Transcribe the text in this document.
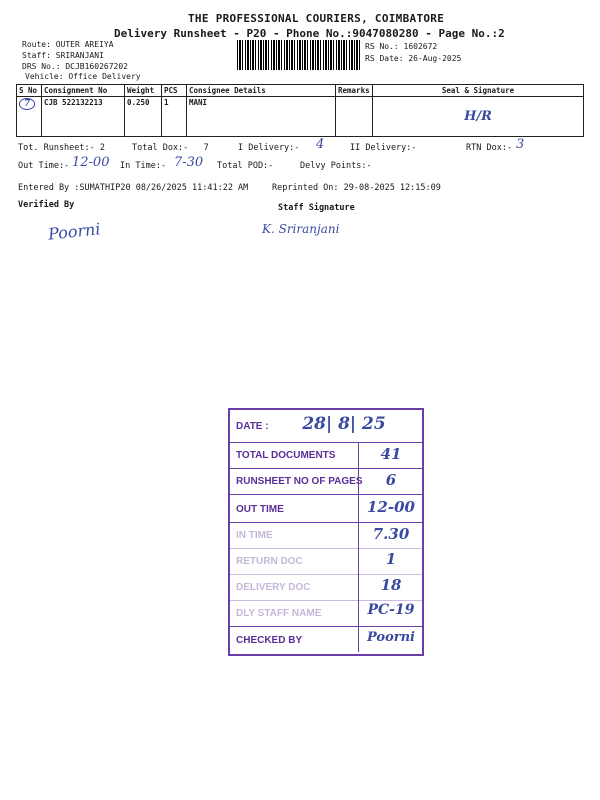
THE PROFESSIONAL COURIERS, COIMBATORE
Delivery Runsheet - P20 - Phone No.:9047080280 - Page No.:2
Route: OUTER AREIYA
Staff: SRIRANJANI
DRS No.: DCJB160267202
Vehicle: Office Delivery
RS No.: 1602672
RS Date: 26-Aug-2025
S No	Consignment No	Weight	PCS	Consignee Details	Remarks	Seal & Signature
7	CJB 522132213	0.250	1	MANI		H/R
Tot. Runsheet:- 2	Total Dox:-   7	I Delivery:- 4	II Delivery:-	RTN Dox:- 3
Out Time:- 12-00 In Time:- 7-30 Total POD:-	Delvy Points:-
Entered By :SUMATHIP20 08/26/2025 11:41:22 AM	Reprinted On: 29-08-2025 12:15:09
Verified By	Staff Signature
Poorni	K. Sriranjani
DATE :	28| 8| 25
TOTAL DOCUMENTS	41
RUNSHEET NO OF PAGES	6
OUT TIME	12-00
IN TIME	7.30
RETURN DOC	1
DELIVERY DOC	18
DLY STAFF NAME	PC-19
CHECKED BY	Poorni
